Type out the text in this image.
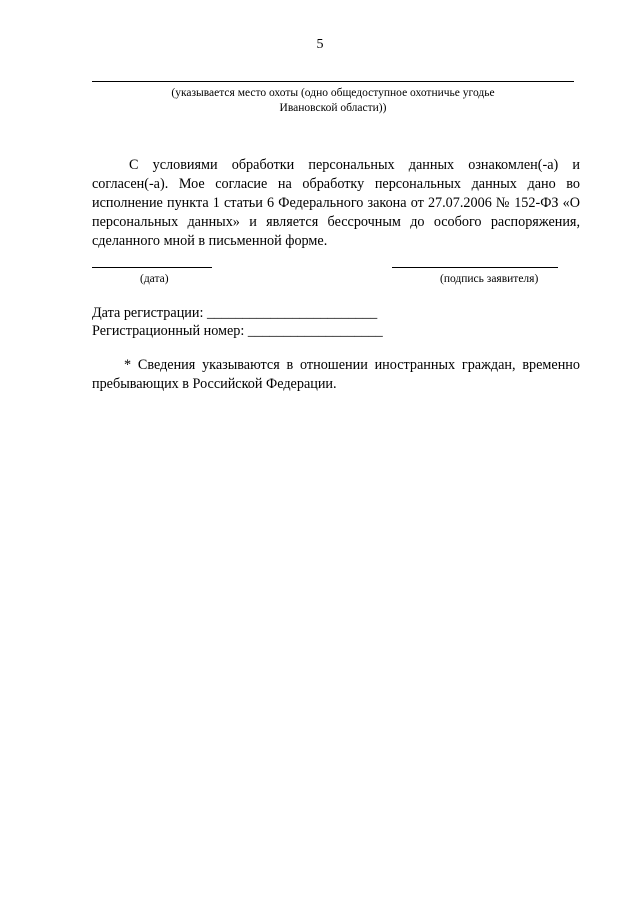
5
(указывается место охоты (одно общедоступное охотничье угодье
Ивановской области))

С условиями обработки персональных данных ознакомлен(-а) и согласен(-а). Мое согласие на обработку персональных данных дано во исполнение пункта 1 статьи 6 Федерального закона от 27.07.2006 № 152-ФЗ «О персональных данных» и является бессрочным до особого распоряжения, сделанного мной в письменной форме.

(дата)	(подпись заявителя)
Дата регистрации: ________________________
Регистрационный номер: ___________________

* Сведения указываются в отношении иностранных граждан, временно пребывающих в Российской Федерации.
